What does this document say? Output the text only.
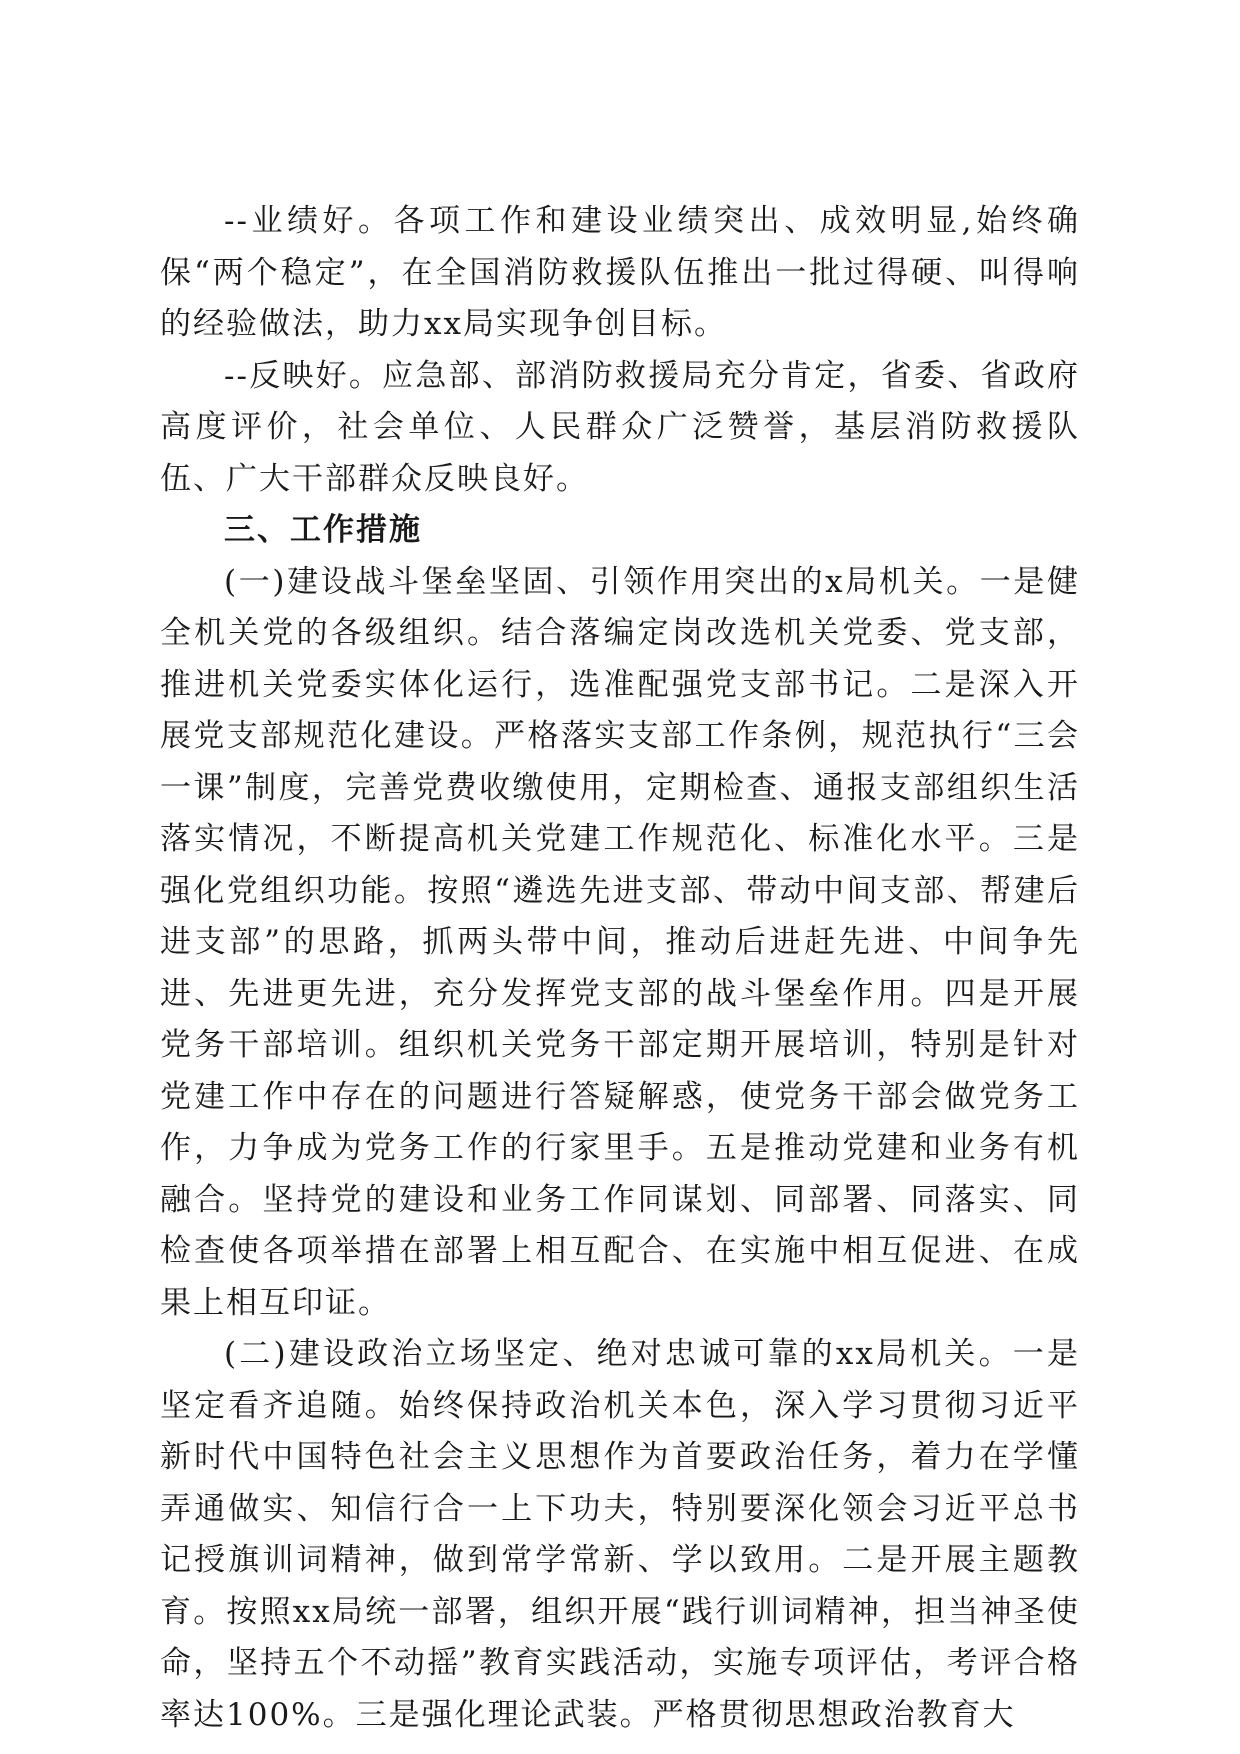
--业绩好。各项工作和建设业绩突出、成效明显,始终确保“两个稳定”，在全国消防救援队伍推出一批过得硬、叫得响的经验做法，助力xx局实现争创目标。

--反映好。应急部、部消防救援局充分肯定，省委、省政府高度评价，社会单位、人民群众广泛赞誉，基层消防救援队伍、广大干部群众反映良好。

三、工作措施

(一)建设战斗堡垒坚固、引领作用突出的x局机关。一是健全机关党的各级组织。结合落编定岗改选机关党委、党支部，推进机关党委实体化运行，选准配强党支部书记。二是深入开展党支部规范化建设。严格落实支部工作条例，规范执行“三会一课”制度，完善党费收缴使用，定期检查、通报支部组织生活落实情况，不断提高机关党建工作规范化、标准化水平。三是强化党组织功能。按照“遴选先进支部、带动中间支部、帮建后进支部”的思路，抓两头带中间，推动后进赶先进、中间争先进、先进更先进，充分发挥党支部的战斗堡垒作用。四是开展党务干部培训。组织机关党务干部定期开展培训，特别是针对党建工作中存在的问题进行答疑解惑，使党务干部会做党务工作，力争成为党务工作的行家里手。五是推动党建和业务有机融合。坚持党的建设和业务工作同谋划、同部署、同落实、同检查使各项举措在部署上相互配合、在实施中相互促进、在成果上相互印证。

(二)建设政治立场坚定、绝对忠诚可靠的xx局机关。一是坚定看齐追随。始终保持政治机关本色，深入学习贯彻习近平新时代中国特色社会主义思想作为首要政治任务，着力在学懂弄通做实、知信行合一上下功夫，特别要深化领会习近平总书记授旗训词精神，做到常学常新、学以致用。二是开展主题教育。按照xx局统一部署，组织开展“践行训词精神，担当神圣使命，坚持五个不动摇”教育实践活动，实施专项评估，考评合格率达100%。三是强化理论武装。严格贯彻思想政治教育大
